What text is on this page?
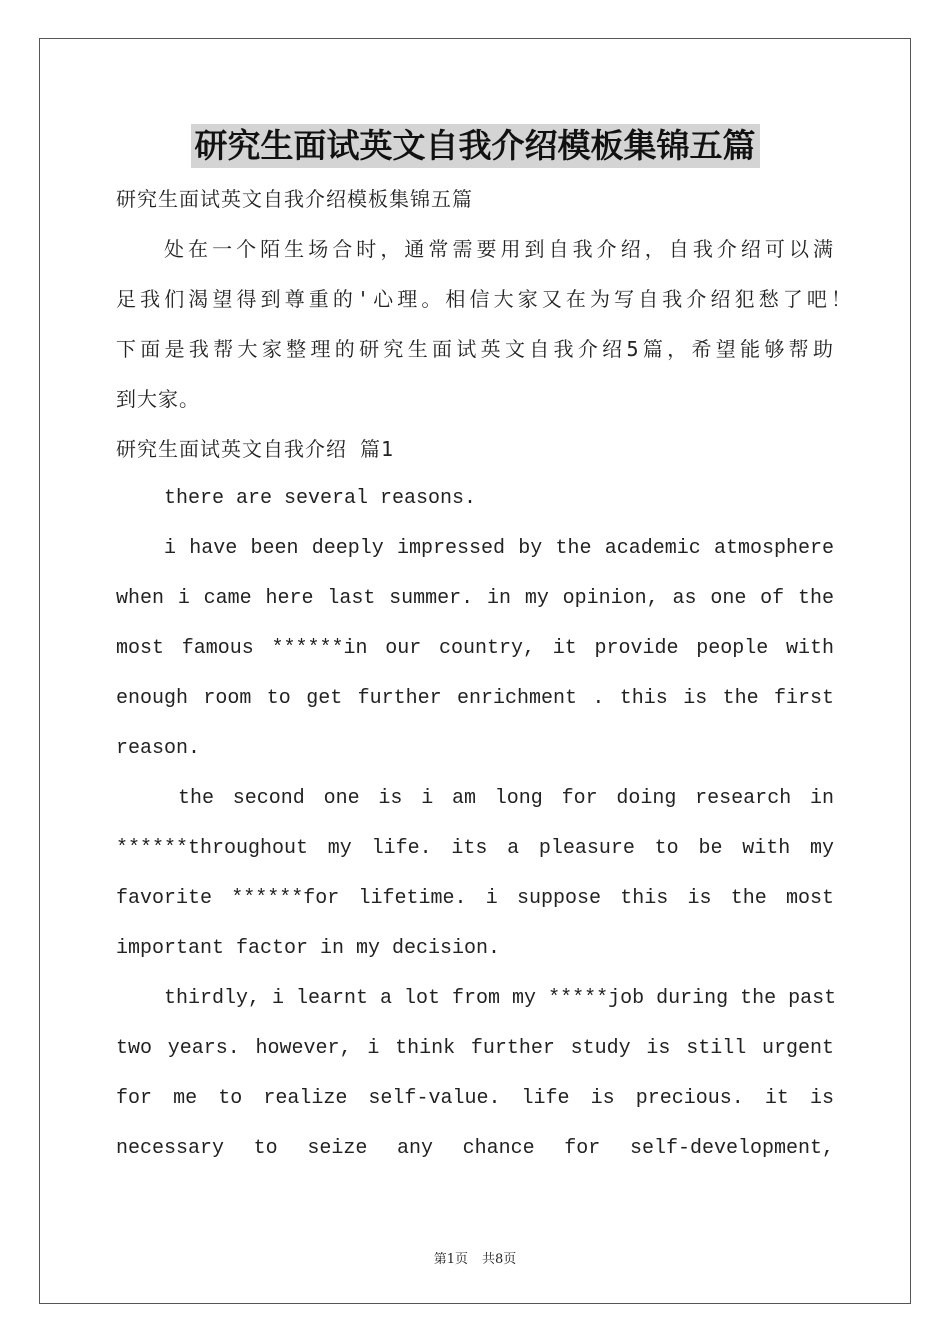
研究生面试英文自我介绍模板集锦五篇
研究生面试英文自我介绍模板集锦五篇
处在一个陌生场合时，通常需要用到自我介绍，自我介绍可以满
足我们渴望得到尊重的'心理。相信大家又在为写自我介绍犯愁了吧！
下面是我帮大家整理的研究生面试英文自我介绍5篇，希望能够帮助
到大家。
研究生面试英文自我介绍 篇1
there are several reasons.
i have been deeply impressed by the academic atmosphere
when i came here last summer. in my opinion, as one of the
most famous ******in our country, it provide people with
enough room to get further enrichment . this is the first
reason.
the second one is i am long for doing research in
******throughout my life. its a pleasure to be with my
favorite ******for lifetime. i suppose this is the most
important factor in my decision.
thirdly, i learnt a lot from my *****job during the past
two years. however, i think further study is still urgent
for me to realize self-value. life is precious. it is
necessary to seize any chance for self-development,
第1页 共8页
